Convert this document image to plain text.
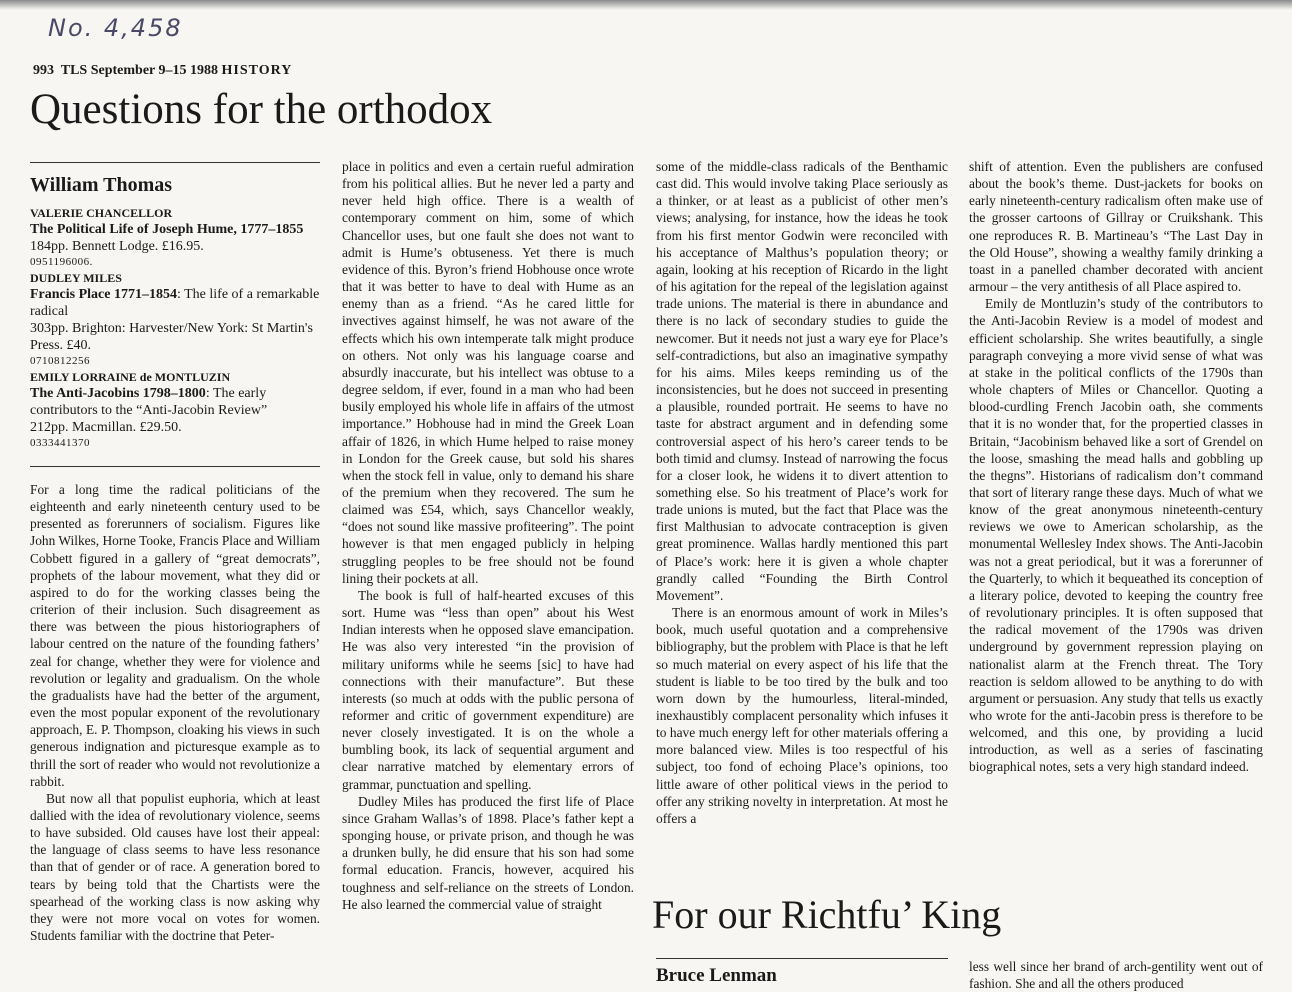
No. 4,458
993 TLS September 9–15 1988 HISTORY
Questions for the orthodox
William Thomas
VALERIE CHANCELLOR
The Political Life of Joseph Hume, 1777–1855
184pp. Bennett Lodge. £16.95.
0951196006.
DUDLEY MILES
Francis Place 1771–1854: The life of a remarkable radical
303pp. Brighton: Harvester/New York: St Martin's Press. £40.
0710812256
EMILY LORRAINE de MONTLUZIN
The Anti-Jacobins 1798–1800: The early contributors to the “Anti-Jacobin Review”
212pp. Macmillan. £29.50.
0333441370

For a long time the radical politicians of the eighteenth and early nineteenth century used to be presented as forerunners of socialism. Figures like John Wilkes, Horne Tooke, Francis Place and William Cobbett figured in a gallery of “great democrats”, prophets of the labour movement, what they did or aspired to do for the working classes being the criterion of their inclusion. Such disagreement as there was between the pious historiographers of labour centred on the nature of the founding fathers’ zeal for change, whether they were for violence and revolution or legality and gradualism. On the whole the gradualists have had the better of the argument, even the most popular exponent of the revolutionary approach, E. P. Thompson, cloaking his views in such generous indignation and picturesque example as to thrill the sort of reader who would not revolutionize a rabbit.

But now all that populist euphoria, which at least dallied with the idea of revolutionary violence, seems to have subsided. Old causes have lost their appeal: the language of class seems to have less resonance than that of gender or of race. A generation bored to tears by being told that the Chartists were the spearhead of the working class is now asking why they were not more vocal on votes for women. Students familiar with the doctrine that Peter-

place in politics and even a certain rueful admiration from his political allies. But he never led a party and never held high office. There is a wealth of contemporary comment on him, some of which Chancellor uses, but one fault she does not want to admit is Hume’s obtuseness. Yet there is much evidence of this. Byron’s friend Hobhouse once wrote that it was better to have to deal with Hume as an enemy than as a friend. “As he cared little for invectives against himself, he was not aware of the effects which his own intemperate talk might produce on others. Not only was his language coarse and absurdly inaccurate, but his intellect was obtuse to a degree seldom, if ever, found in a man who had been busily employed his whole life in affairs of the utmost importance.” Hobhouse had in mind the Greek Loan affair of 1826, in which Hume helped to raise money in London for the Greek cause, but sold his shares when the stock fell in value, only to demand his share of the premium when they recovered. The sum he claimed was £54, which, says Chancellor weakly, “does not sound like massive profiteering”. The point however is that men engaged publicly in helping struggling peoples to be free should not be found lining their pockets at all.

The book is full of half-hearted excuses of this sort. Hume was “less than open” about his West Indian interests when he opposed slave emancipation. He was also very interested “in the provision of military uniforms while he seems [sic] to have had connections with their manufacture”. But these interests (so much at odds with the public persona of reformer and critic of government expenditure) are never closely investigated. It is on the whole a bumbling book, its lack of sequential argument and clear narrative matched by elementary errors of grammar, punctuation and spelling.

Dudley Miles has produced the first life of Place since Graham Wallas’s of 1898. Place’s father kept a sponging house, or private prison, and though he was a drunken bully, he did ensure that his son had some formal education. Francis, however, acquired his toughness and self-reliance on the streets of London. He also learned the commercial value of straight

some of the middle-class radicals of the Benthamic cast did. This would involve taking Place seriously as a thinker, or at least as a publicist of other men’s views; analysing, for instance, how the ideas he took from his first mentor Godwin were reconciled with his acceptance of Malthus’s population theory; or again, looking at his reception of Ricardo in the light of his agitation for the repeal of the legislation against trade unions. The material is there in abundance and there is no lack of secondary studies to guide the newcomer. But it needs not just a wary eye for Place’s self-contradictions, but also an imaginative sympathy for his aims. Miles keeps reminding us of the inconsistencies, but he does not succeed in presenting a plausible, rounded portrait. He seems to have no taste for abstract argument and in defending some controversial aspect of his hero’s career tends to be both timid and clumsy. Instead of narrowing the focus for a closer look, he widens it to divert attention to something else. So his treatment of Place’s work for trade unions is muted, but the fact that Place was the first Malthusian to advocate contraception is given great prominence. Wallas hardly mentioned this part of Place’s work: here it is given a whole chapter grandly called “Founding the Birth Control Movement”.

There is an enormous amount of work in Miles’s book, much useful quotation and a comprehensive bibliography, but the problem with Place is that he left so much material on every aspect of his life that the student is liable to be too tired by the bulk and too worn down by the humourless, literal-minded, inexhaustibly complacent personality which infuses it to have much energy left for other materials offering a more balanced view. Miles is too respectful of his subject, too fond of echoing Place’s opinions, too little aware of other political views in the period to offer any striking novelty in interpretation. At most he offers a

shift of attention. Even the publishers are confused about the book’s theme. Dust-jackets for books on early nineteenth-century radicalism often make use of the grosser cartoons of Gillray or Cruikshank. This one reproduces R. B. Martineau’s “The Last Day in the Old House”, showing a wealthy family drinking a toast in a panelled chamber decorated with ancient armour – the very antithesis of all Place aspired to.

Emily de Montluzin’s study of the contributors to the Anti-Jacobin Review is a model of modest and efficient scholarship. She writes beautifully, a single paragraph conveying a more vivid sense of what was at stake in the political conflicts of the 1790s than whole chapters of Miles or Chancellor. Quoting a blood-curdling French Jacobin oath, she comments that it is no wonder that, for the propertied classes in Britain, “Jacobinism behaved like a sort of Grendel on the loose, smashing the mead halls and gobbling up the thegns”. Historians of radicalism don’t command that sort of literary range these days. Much of what we know of the great anonymous nineteenth-century reviews we owe to American scholarship, as the monumental Wellesley Index shows. The Anti-Jacobin was not a great periodical, but it was a forerunner of the Quarterly, to which it bequeathed its conception of a literary police, devoted to keeping the country free of revolutionary principles. It is often supposed that the radical movement of the 1790s was driven underground by government repression playing on nationalist alarm at the French threat. The Tory reaction is seldom allowed to be anything to do with argument or persuasion. Any study that tells us exactly who wrote for the anti-Jacobin press is therefore to be welcomed, and this one, by providing a lucid introduction, as well as a series of fascinating biographical notes, sets a very high standard indeed.

For our Richtfu’ King
Bruce Lenman	less well since her brand of arch-gentility went out of fashion. She and all the others produced
